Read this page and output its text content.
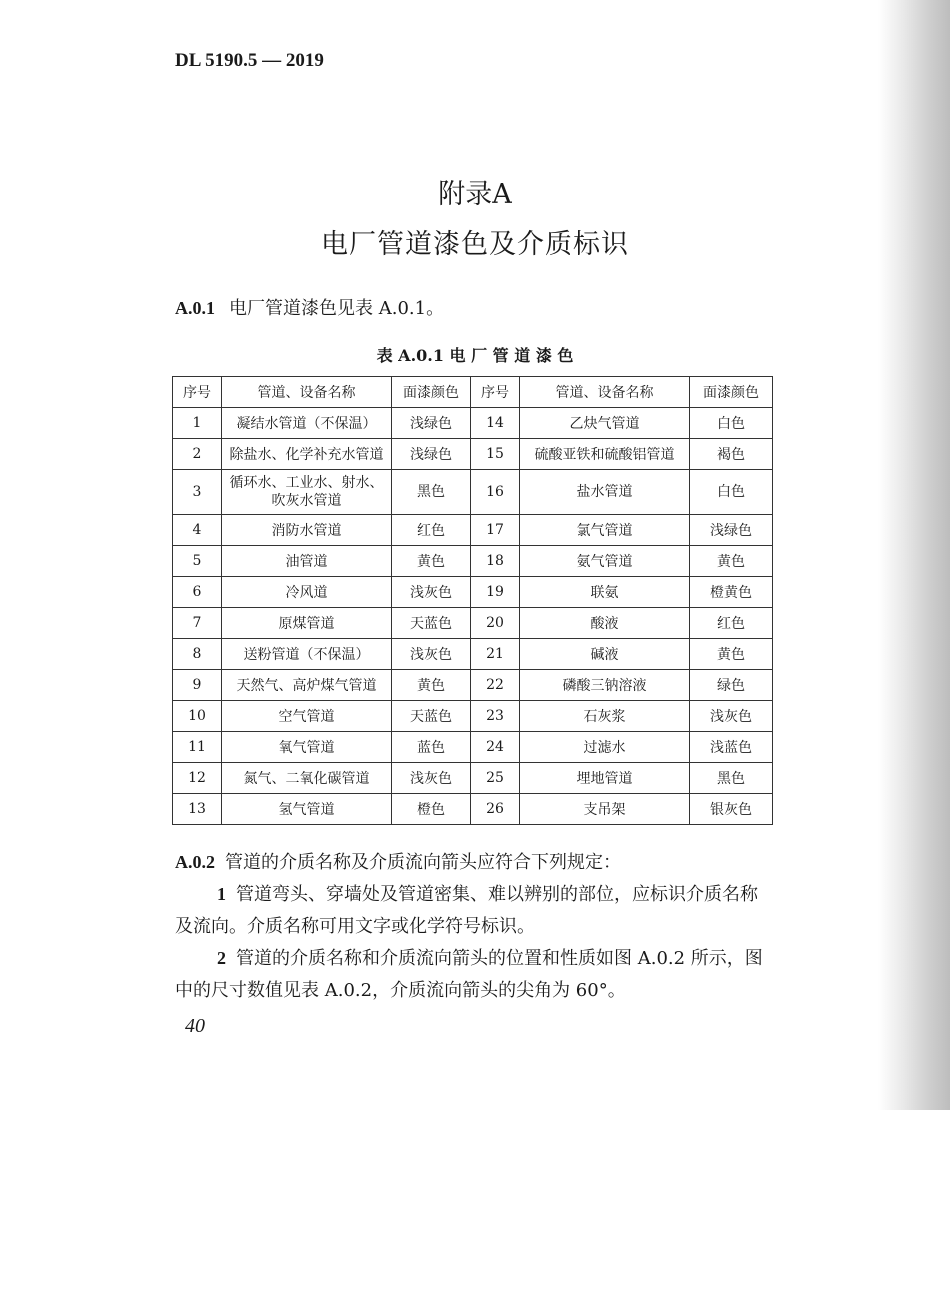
DL 5190.5 — 2019
附录A
电厂管道漆色及介质标识
A.0.1 电厂管道漆色见表 A.0.1。
表 A.0.1 电 厂 管 道 漆 色
序号	管道、设备名称	面漆颜色	序号	管道、设备名称	面漆颜色
1	凝结水管道（不保温）	浅绿色	14	乙炔气管道	白色
2	除盐水、化学补充水管道	浅绿色	15	硫酸亚铁和硫酸铝管道	褐色
3	循环水、工业水、射水、吹灰水管道	黑色	16	盐水管道	白色
4	消防水管道	红色	17	氯气管道	浅绿色
5	油管道	黄色	18	氨气管道	黄色
6	冷风道	浅灰色	19	联氨	橙黄色
7	原煤管道	天蓝色	20	酸液	红色
8	送粉管道（不保温）	浅灰色	21	碱液	黄色
9	天然气、高炉煤气管道	黄色	22	磷酸三钠溶液	绿色
10	空气管道	天蓝色	23	石灰浆	浅灰色
11	氧气管道	蓝色	24	过滤水	浅蓝色
12	氮气、二氧化碳管道	浅灰色	25	埋地管道	黑色
13	氢气管道	橙色	26	支吊架	银灰色
A.0.2 管道的介质名称及介质流向箭头应符合下列规定：
1 管道弯头、穿墙处及管道密集、难以辨别的部位，应标识介质名称及流向。介质名称可用文字或化学符号标识。
2 管道的介质名称和介质流向箭头的位置和性质如图 A.0.2 所示，图中的尺寸数值见表 A.0.2，介质流向箭头的尖角为 60°。
40
